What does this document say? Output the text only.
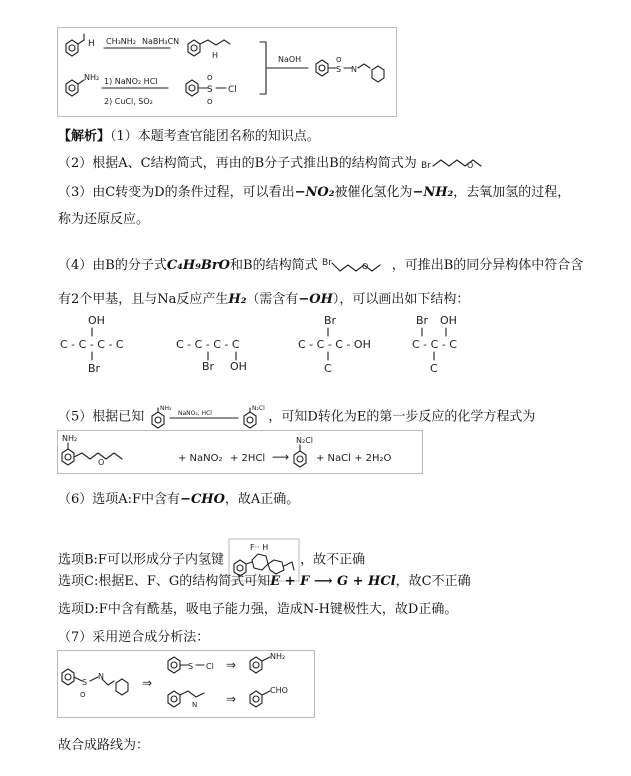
H CH₃NH₂ NaBH₃CN
H
NH₂ 1) NaNO₂ HCl
2) CuCl, SO₂
S Cl
O
O
NaOH
S N
O
【解析】（1）本题考查官能团名称的知识点。
（2）根据A、C结构简式，再由的B分子式推出B的结构简式为 Br	O
（3）由C转变为D的条件过程，可以看出−NO₂被催化氢化为−NH₂，去氧加氢的过程，
称为还原反应。
（4）由B的分子式C₄H₉BrO和B的结构简式 Br	O ，可推出B的同分异构体中符合含
有2个甲基，且与Na反应产生H₂（需含有−OH），可以画出如下结构：
OH
C - C - C - C
Br
C - C - C - C
Br OH
Br
C - C - C - OH
C
Br OH
C - C - C
C
（5）根据已知
NH₂
NaNO₂, HCl
N₂Cl
，可知D转化为E的第一步反应的化学方程式为
NH₂
O	+ NaNO₂ + 2HCl ⟶
N₂Cl
+ NaCl + 2H₂O
（6）选项A:F中含有−CHO，故A正确。
选项B:F可以形成分子内氢键
F·· H
，故不正确
选项C:根据E、F、G的结构简式可知E + F ⟶ G + HCl，故C不正确
选项D:F中含有酰基，吸电子能力强，造成N-H键极性大，故D正确。
（7）采用逆合成分析法：
S
N
O
⇒
S Cl ⇒
NH₂
N ⇒
CHO
故合成路线为：
